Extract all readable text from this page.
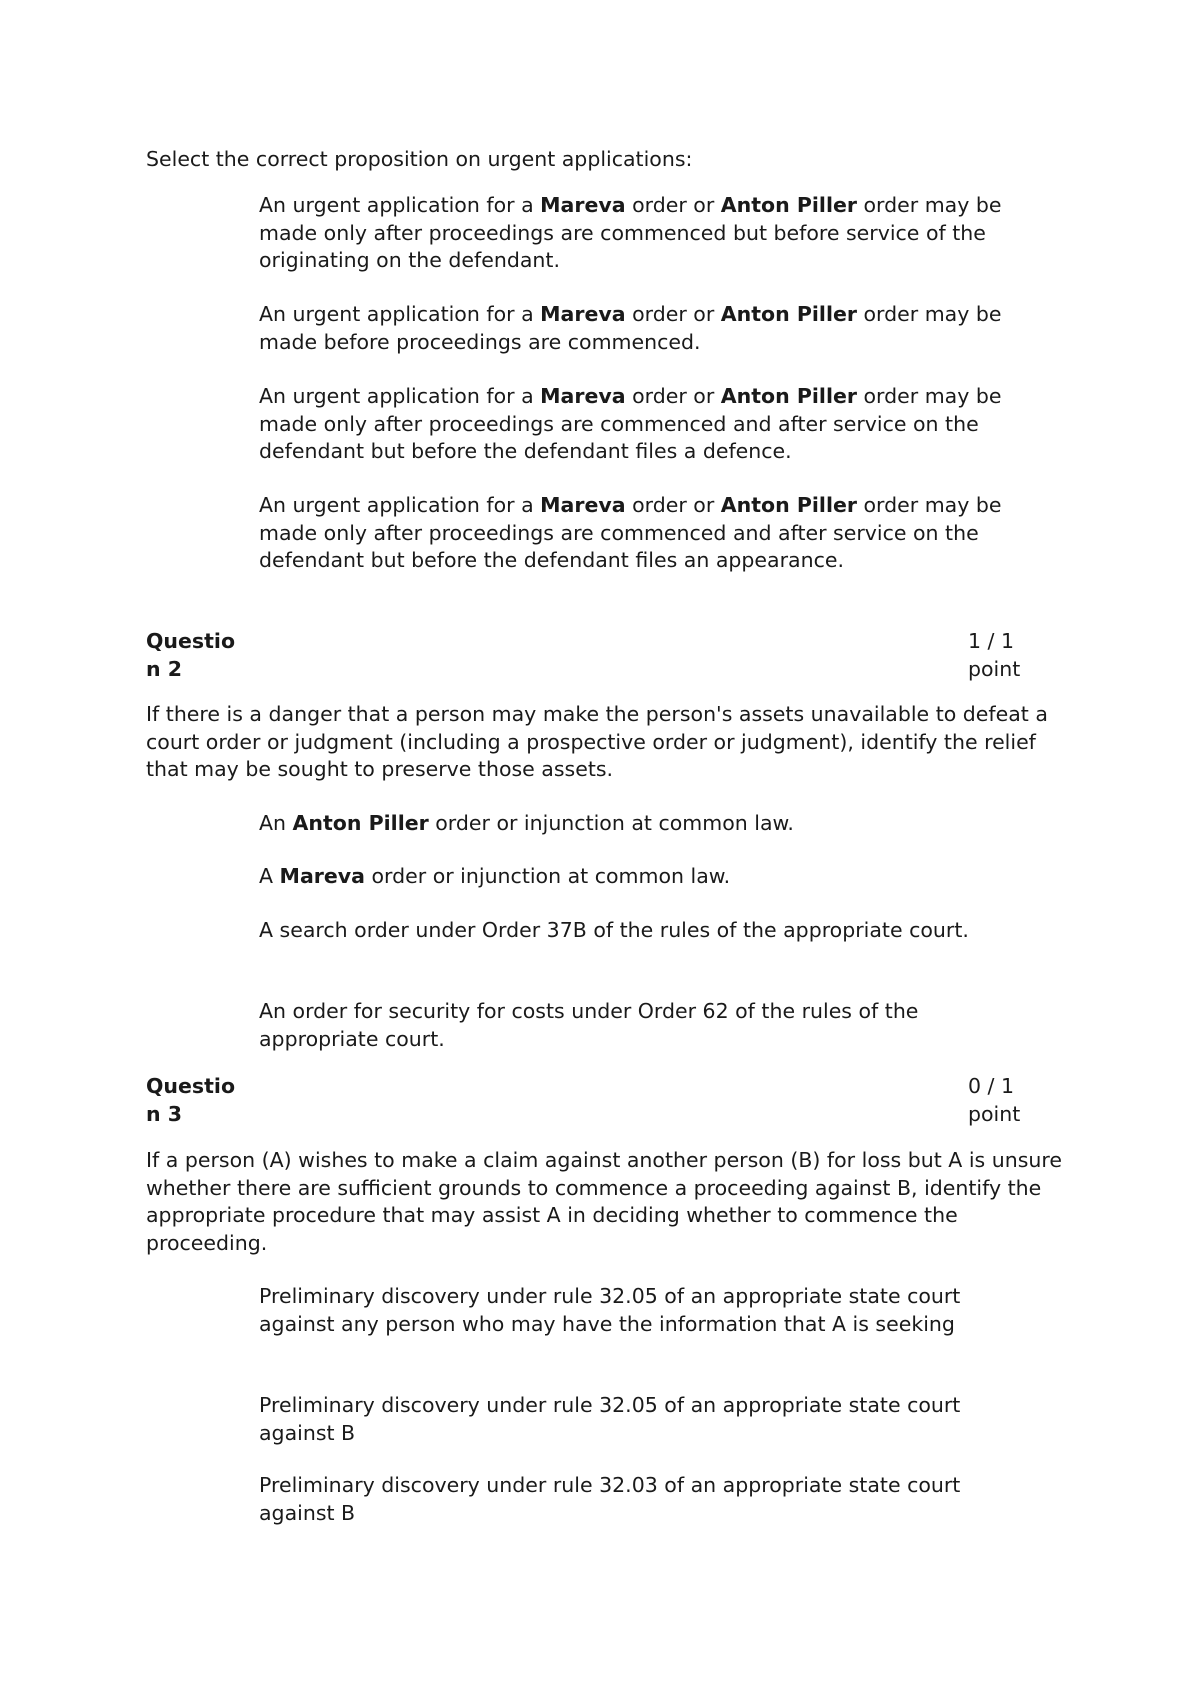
Select the correct proposition on urgent applications:

An urgent application for a Mareva order or Anton Piller order may be made only after proceedings are commenced but before service of the originating on the defendant.

An urgent application for a Mareva order or Anton Piller order may be made before proceedings are commenced.

An urgent application for a Mareva order or Anton Piller order may be made only after proceedings are commenced and after service on the defendant but before the defendant files a defence.

An urgent application for a Mareva order or Anton Piller order may be made only after proceedings are commenced and after service on the defendant but before the defendant files an appearance.

Questio
n 2
1 / 1
point

If there is a danger that a person may make the person's assets unavailable to defeat a court order or judgment (including a prospective order or judgment), identify the relief that may be sought to preserve those assets.

An Anton Piller order or injunction at common law.

A Mareva order or injunction at common law.

A search order under Order 37B of the rules of the appropriate court.

An order for security for costs under Order 62 of the rules of the appropriate court.

Questio
n 3
0 / 1
point

If a person (A) wishes to make a claim against another person (B) for loss but A is unsure whether there are sufficient grounds to commence a proceeding against B, identify the appropriate procedure that may assist A in deciding whether to commence the proceeding.

Preliminary discovery under rule 32.05 of an appropriate state court against any person who may have the information that A is seeking

Preliminary discovery under rule 32.05 of an appropriate state court against B

Preliminary discovery under rule 32.03 of an appropriate state court against B
